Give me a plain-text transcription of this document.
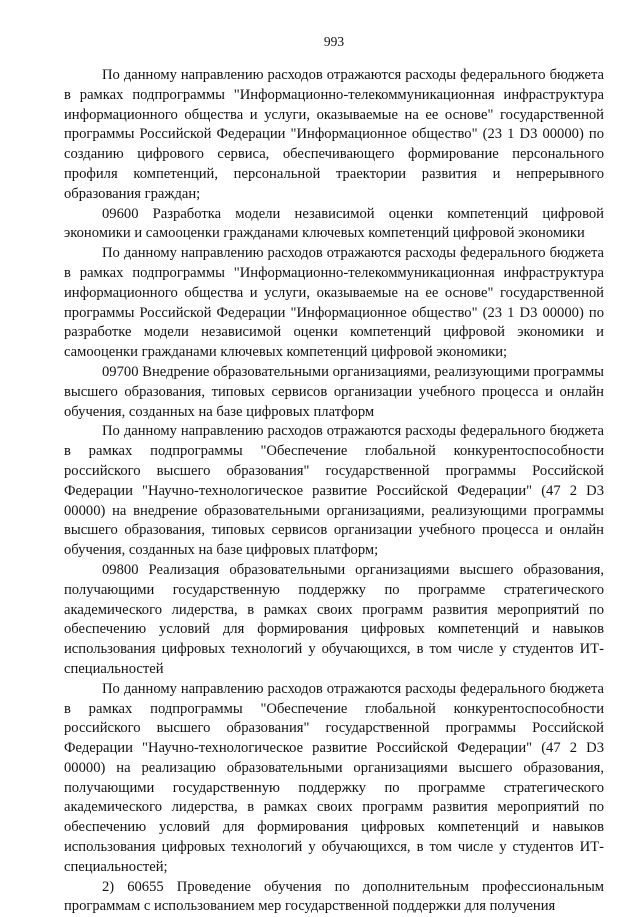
993

По данному направлению расходов отражаются расходы федерального бюджета в рамках подпрограммы "Информационно-телекоммуникационная инфраструктура информационного общества и услуги, оказываемые на ее основе" государственной программы Российской Федерации "Информационное общество" (23 1 D3 00000) по созданию цифрового сервиса, обеспечивающего формирование персонального профиля компетенций, персональной траектории развития и непрерывного образования граждан;

09600 Разработка модели независимой оценки компетенций цифровой экономики и самооценки гражданами ключевых компетенций цифровой экономики

По данному направлению расходов отражаются расходы федерального бюджета в рамках подпрограммы "Информационно-телекоммуникационная инфраструктура информационного общества и услуги, оказываемые на ее основе" государственной программы Российской Федерации "Информационное общество" (23 1 D3 00000) по разработке модели независимой оценки компетенций цифровой экономики и самооценки гражданами ключевых компетенций цифровой экономики;

09700 Внедрение образовательными организациями, реализующими программы высшего образования, типовых сервисов организации учебного процесса и онлайн обучения, созданных на базе цифровых платформ

По данному направлению расходов отражаются расходы федерального бюджета в рамках подпрограммы "Обеспечение глобальной конкурентоспособности российского высшего образования" государственной программы Российской Федерации "Научно-технологическое развитие Российской Федерации" (47 2 D3 00000) на внедрение образовательными организациями, реализующими программы высшего образования, типовых сервисов организации учебного процесса и онлайн обучения, созданных на базе цифровых платформ;

09800 Реализация образовательными организациями высшего образования, получающими государственную поддержку по программе стратегического академического лидерства, в рамках своих программ развития мероприятий по обеспечению условий для формирования цифровых компетенций и навыков использования цифровых технологий у обучающихся, в том числе у студентов ИТ-специальностей

По данному направлению расходов отражаются расходы федерального бюджета в рамках подпрограммы "Обеспечение глобальной конкурентоспособности российского высшего образования" государственной программы Российской Федерации "Научно-технологическое развитие Российской Федерации" (47 2 D3 00000) на реализацию образовательными организациями высшего образования, получающими государственную поддержку по программе стратегического академического лидерства, в рамках своих программ развития мероприятий по обеспечению условий для формирования цифровых компетенций и навыков использования цифровых технологий у обучающихся, в том числе у студентов ИТ-специальностей;

2) 60655 Проведение обучения по дополнительным профессиональным программам с использованием мер государственной поддержки для получения
